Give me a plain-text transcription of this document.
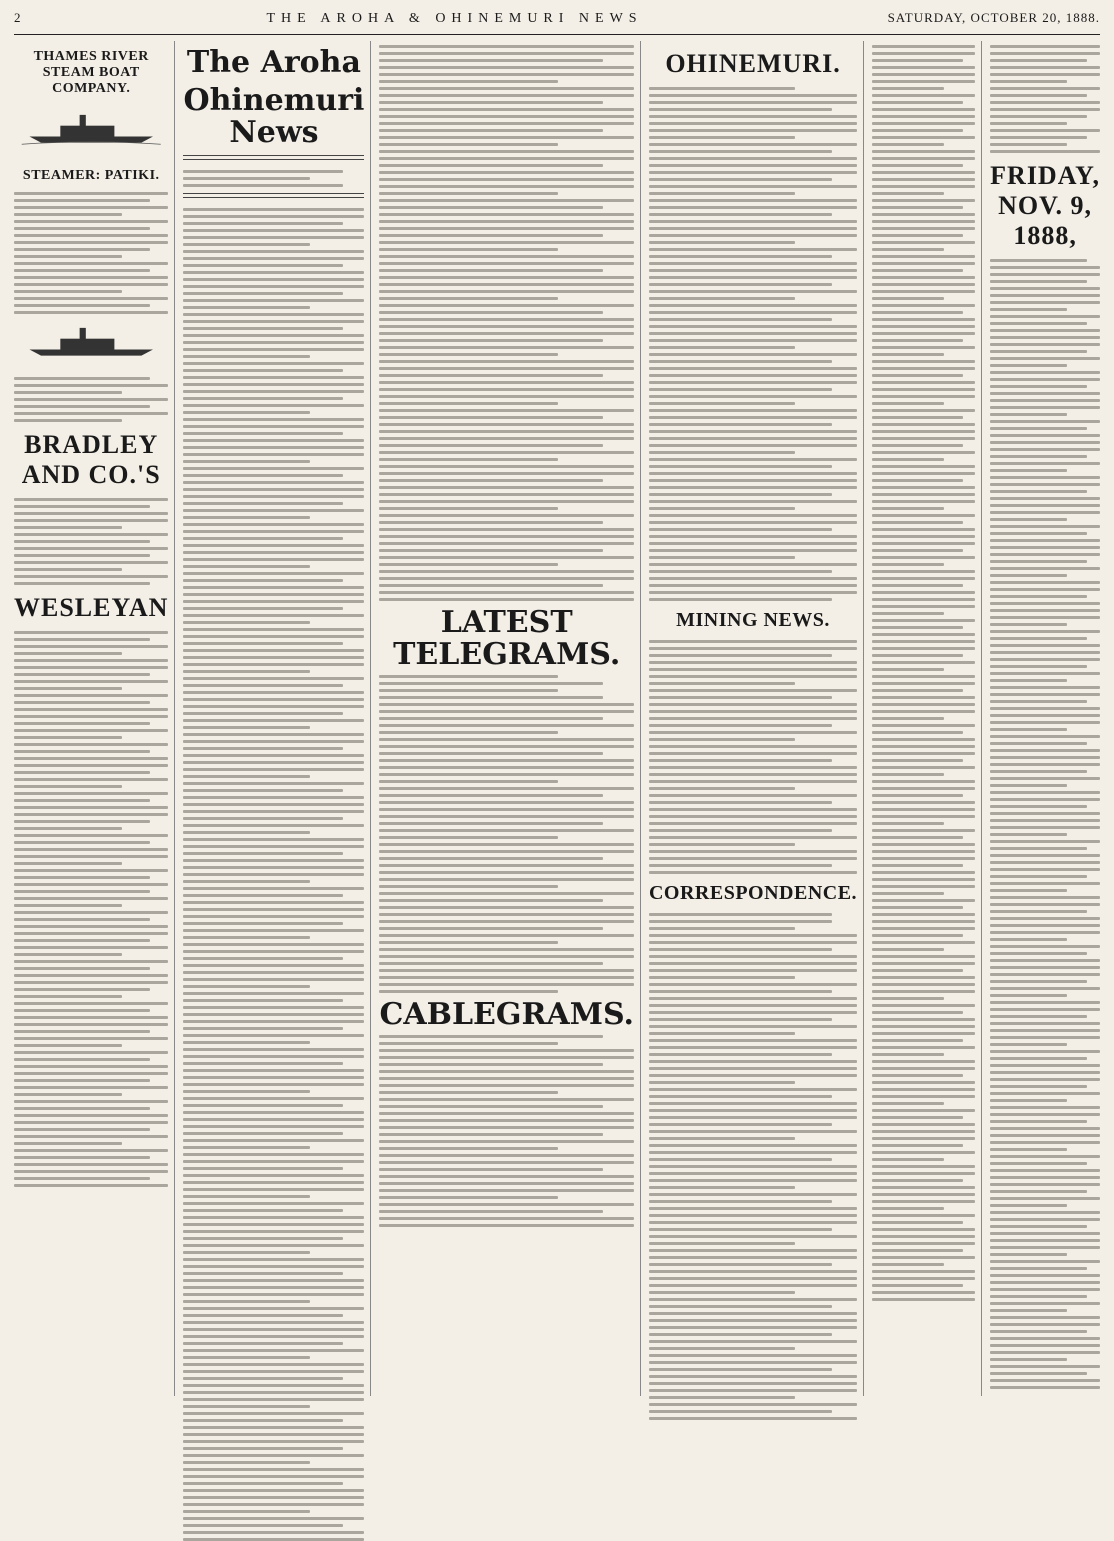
2	THE AROHA & OHINEMURI NEWS	SATURDAY, OCTOBER 20, 1888.
THAMES RIVER STEAM BOAT COMPANY.
STEAMER: PATIKI.
BRADLEY AND CO.'S
WESLEYAN
The Aroha
Ohinemuri News
LATEST TELEGRAMS.
CABLEGRAMS.
OHINEMURI.
MINING NEWS.
CORRESPONDENCE.
FRIDAY, NOV. 9, 1888,
